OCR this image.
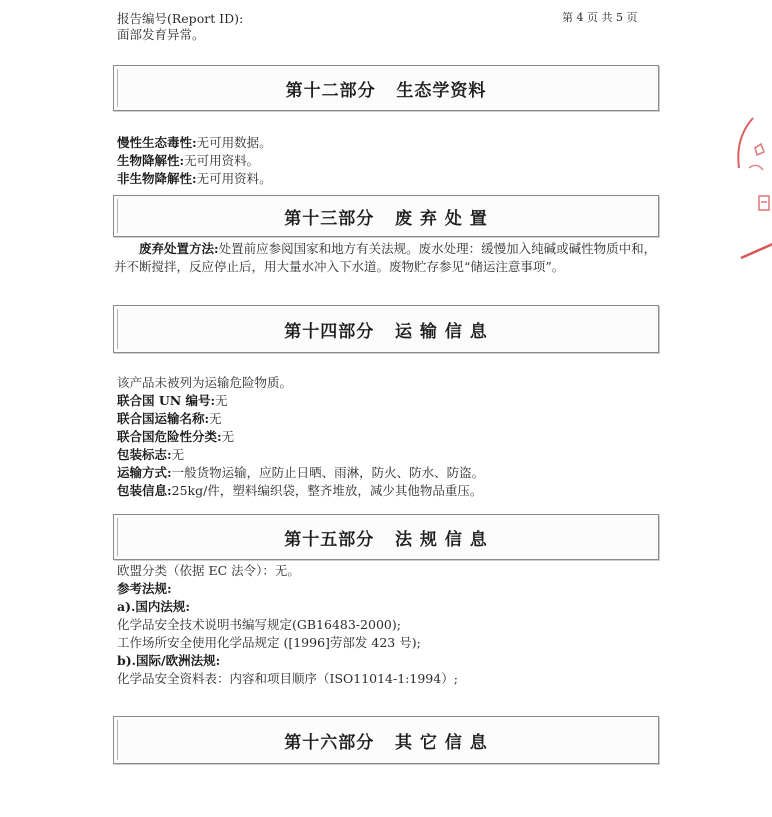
报告编号(Report ID):	第 4 页 共 5 页
面部发育异常。
第十二部分   生态学资料
慢性生态毒性:无可用数据。
生物降解性:无可用资料。
非生物降解性:无可用资料。
第十三部分   废 弃 处 置
废弃处置方法:处置前应参阅国家和地方有关法规。废水处理：缓慢加入纯碱或碱性物质中和，并不断搅拌，反应停止后，用大量水冲入下水道。废物贮存参见“储运注意事项”。
第十四部分   运 输 信 息
该产品未被列为运输危险物质。
联合国 UN 编号:无
联合国运输名称:无
联合国危险性分类:无
包装标志:无
运输方式:一般货物运输，应防止日晒、雨淋，防火、防水、防盗。
包装信息:25kg/件，塑料编织袋，整齐堆放，减少其他物品重压。
第十五部分   法 规 信 息
欧盟分类（依据 EC 法令）：无。
参考法规:
a).国内法规:
化学品安全技术说明书编写规定(GB16483-2000);
工作场所安全使用化学品规定 ([1996]劳部发 423 号);
b).国际/欧洲法规:
化学品安全资料表：内容和项目顺序（ISO11014-1:1994）;
第十六部分   其 它 信 息
